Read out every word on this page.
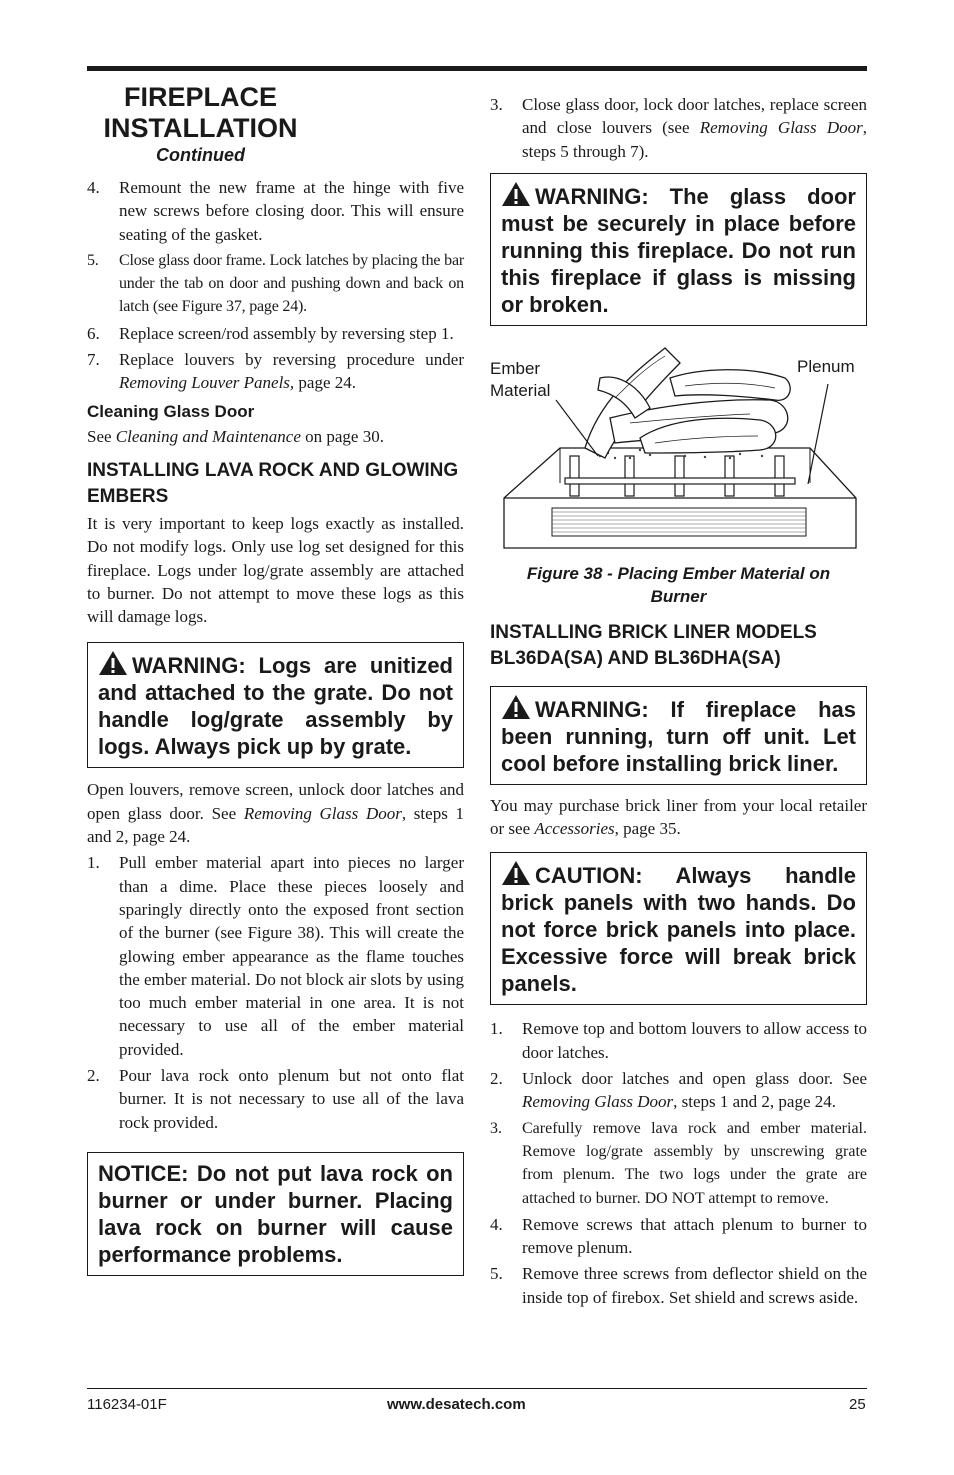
FIREPLACE
INSTALLATION
Continued
4. Remount the new frame at the hinge with five new screws before closing door. This will ensure seating of the gasket.
5. Close glass door frame. Lock latches by placing the bar under the tab on door and pushing down and back on latch (see Figure 37, page 24).
6. Replace screen/rod assembly by reversing step 1.
7. Replace louvers by reversing procedure under Removing Louver Panels, page 24.
Cleaning Glass Door

See Cleaning and Maintenance on page 30.

INSTALLING LAVA ROCK AND GLOWING EMBERS

It is very important to keep logs exactly as installed. Do not modify logs. Only use log set designed for this fireplace. Logs under log/grate assembly are attached to burner. Do not attempt to move these logs as this will damage logs.

WARNING: Logs are unitized and attached to the grate. Do not handle log/grate assembly by logs. Always pick up by grate.

Open louvers, remove screen, unlock door latches and open glass door. See Removing Glass Door, steps 1 and 2, page 24.

1. Pull ember material apart into pieces no larger than a dime. Place these pieces loosely and sparingly directly onto the exposed front section of the burner (see Figure 38). This will create the glowing ember appearance as the flame touches the ember material. Do not block air slots by using too much ember material in one area. It is not necessary to use all of the ember material provided.
2. Pour lava rock onto plenum but not onto flat burner. It is not necessary to use all of the lava rock provided.
NOTICE: Do not put lava rock on burner or under burner. Placing lava rock on burner will cause performance problems.
3. Close glass door, lock door latches, replace screen and close louvers (see Removing Glass Door, steps 5 through 7).
WARNING: The glass door must be securely in place before running this fireplace. Do not run this fireplace if glass is missing or broken.
Ember
Material
Plenum
Figure 38 - Placing Ember Material on Burner
INSTALLING BRICK LINER MODELS BL36DA(SA) AND BL36DHA(SA)
WARNING: If fireplace has been running, turn off unit. Let cool before installing brick liner.

You may purchase brick liner from your local retailer or see Accessories, page 35.

CAUTION: Always handle brick panels with two hands. Do not force brick panels into place. Excessive force will break brick panels.
1. Remove top and bottom louvers to allow access to door latches.
2. Unlock door latches and open glass door. See Removing Glass Door, steps 1 and 2, page 24.
3. Carefully remove lava rock and ember material. Remove log/grate assembly by unscrewing grate from plenum. The two logs under the grate are attached to burner. DO NOT attempt to remove.
4. Remove screws that attach plenum to burner to remove plenum.
5. Remove three screws from deflector shield on the inside top of firebox. Set shield and screws aside.
116234-01F	www.desatech.com	25
